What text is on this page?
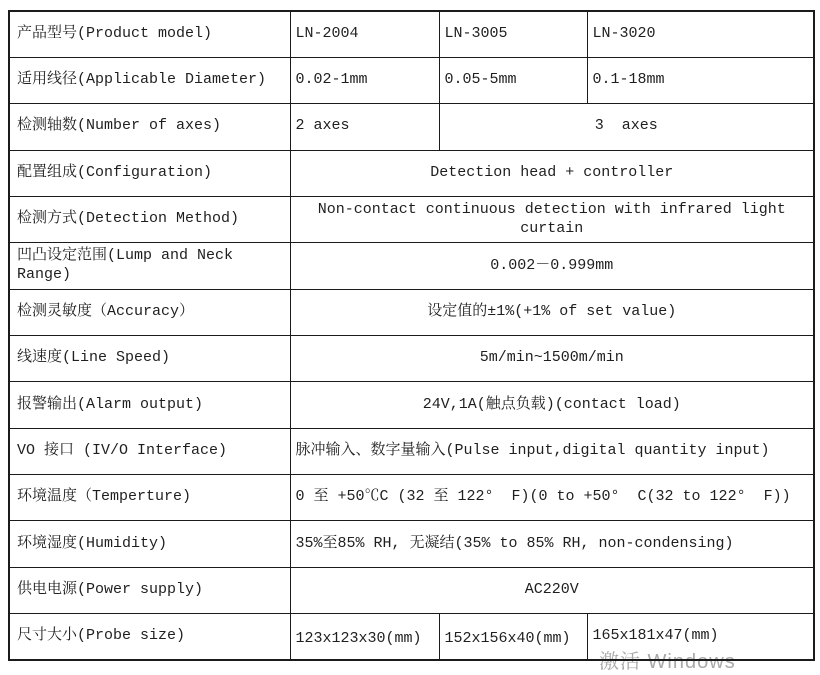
激活 Windows
产品型号(Product model)	LN-2004	LN-3005	LN-3020
适用线径(Applicable Diameter)	0.02-1mm	0.05-5mm	0.1-18mm
检测轴数(Number of axes)	2 axes	3  axes	
配置组成(Configuration)	Detection head + controller		
检测方式(Detection Method)	Non-contact continuous detection with infrared light curtain		
凹凸设定范围(Lump and Neck Range)	0.002－0.999mm		
检测灵敏度（Accuracy）	设定值的±1%(+1% of set value)		
线速度(Line Speed)	5m/min~1500m/min		
报警输出(Alarm output)	24V,1A(触点负载)(contact load)		
VO 接口 (IV/O Interface)	脉冲输入、数字量输入(Pulse input,digital quantity input)		
环境温度（Temperture)	0 至 +50℃C (32 至 122°  F)(0 to +50°  C(32 to 122°  F))		
环境湿度(Humidity)	35%至85% RH, 无凝结(35% to 85% RH, non-condensing)		
供电电源(Power supply)	AC220V		
尺寸大小(Probe size)	123x123x30(mm)	152x156x40(mm)	165x181x47(mm)
